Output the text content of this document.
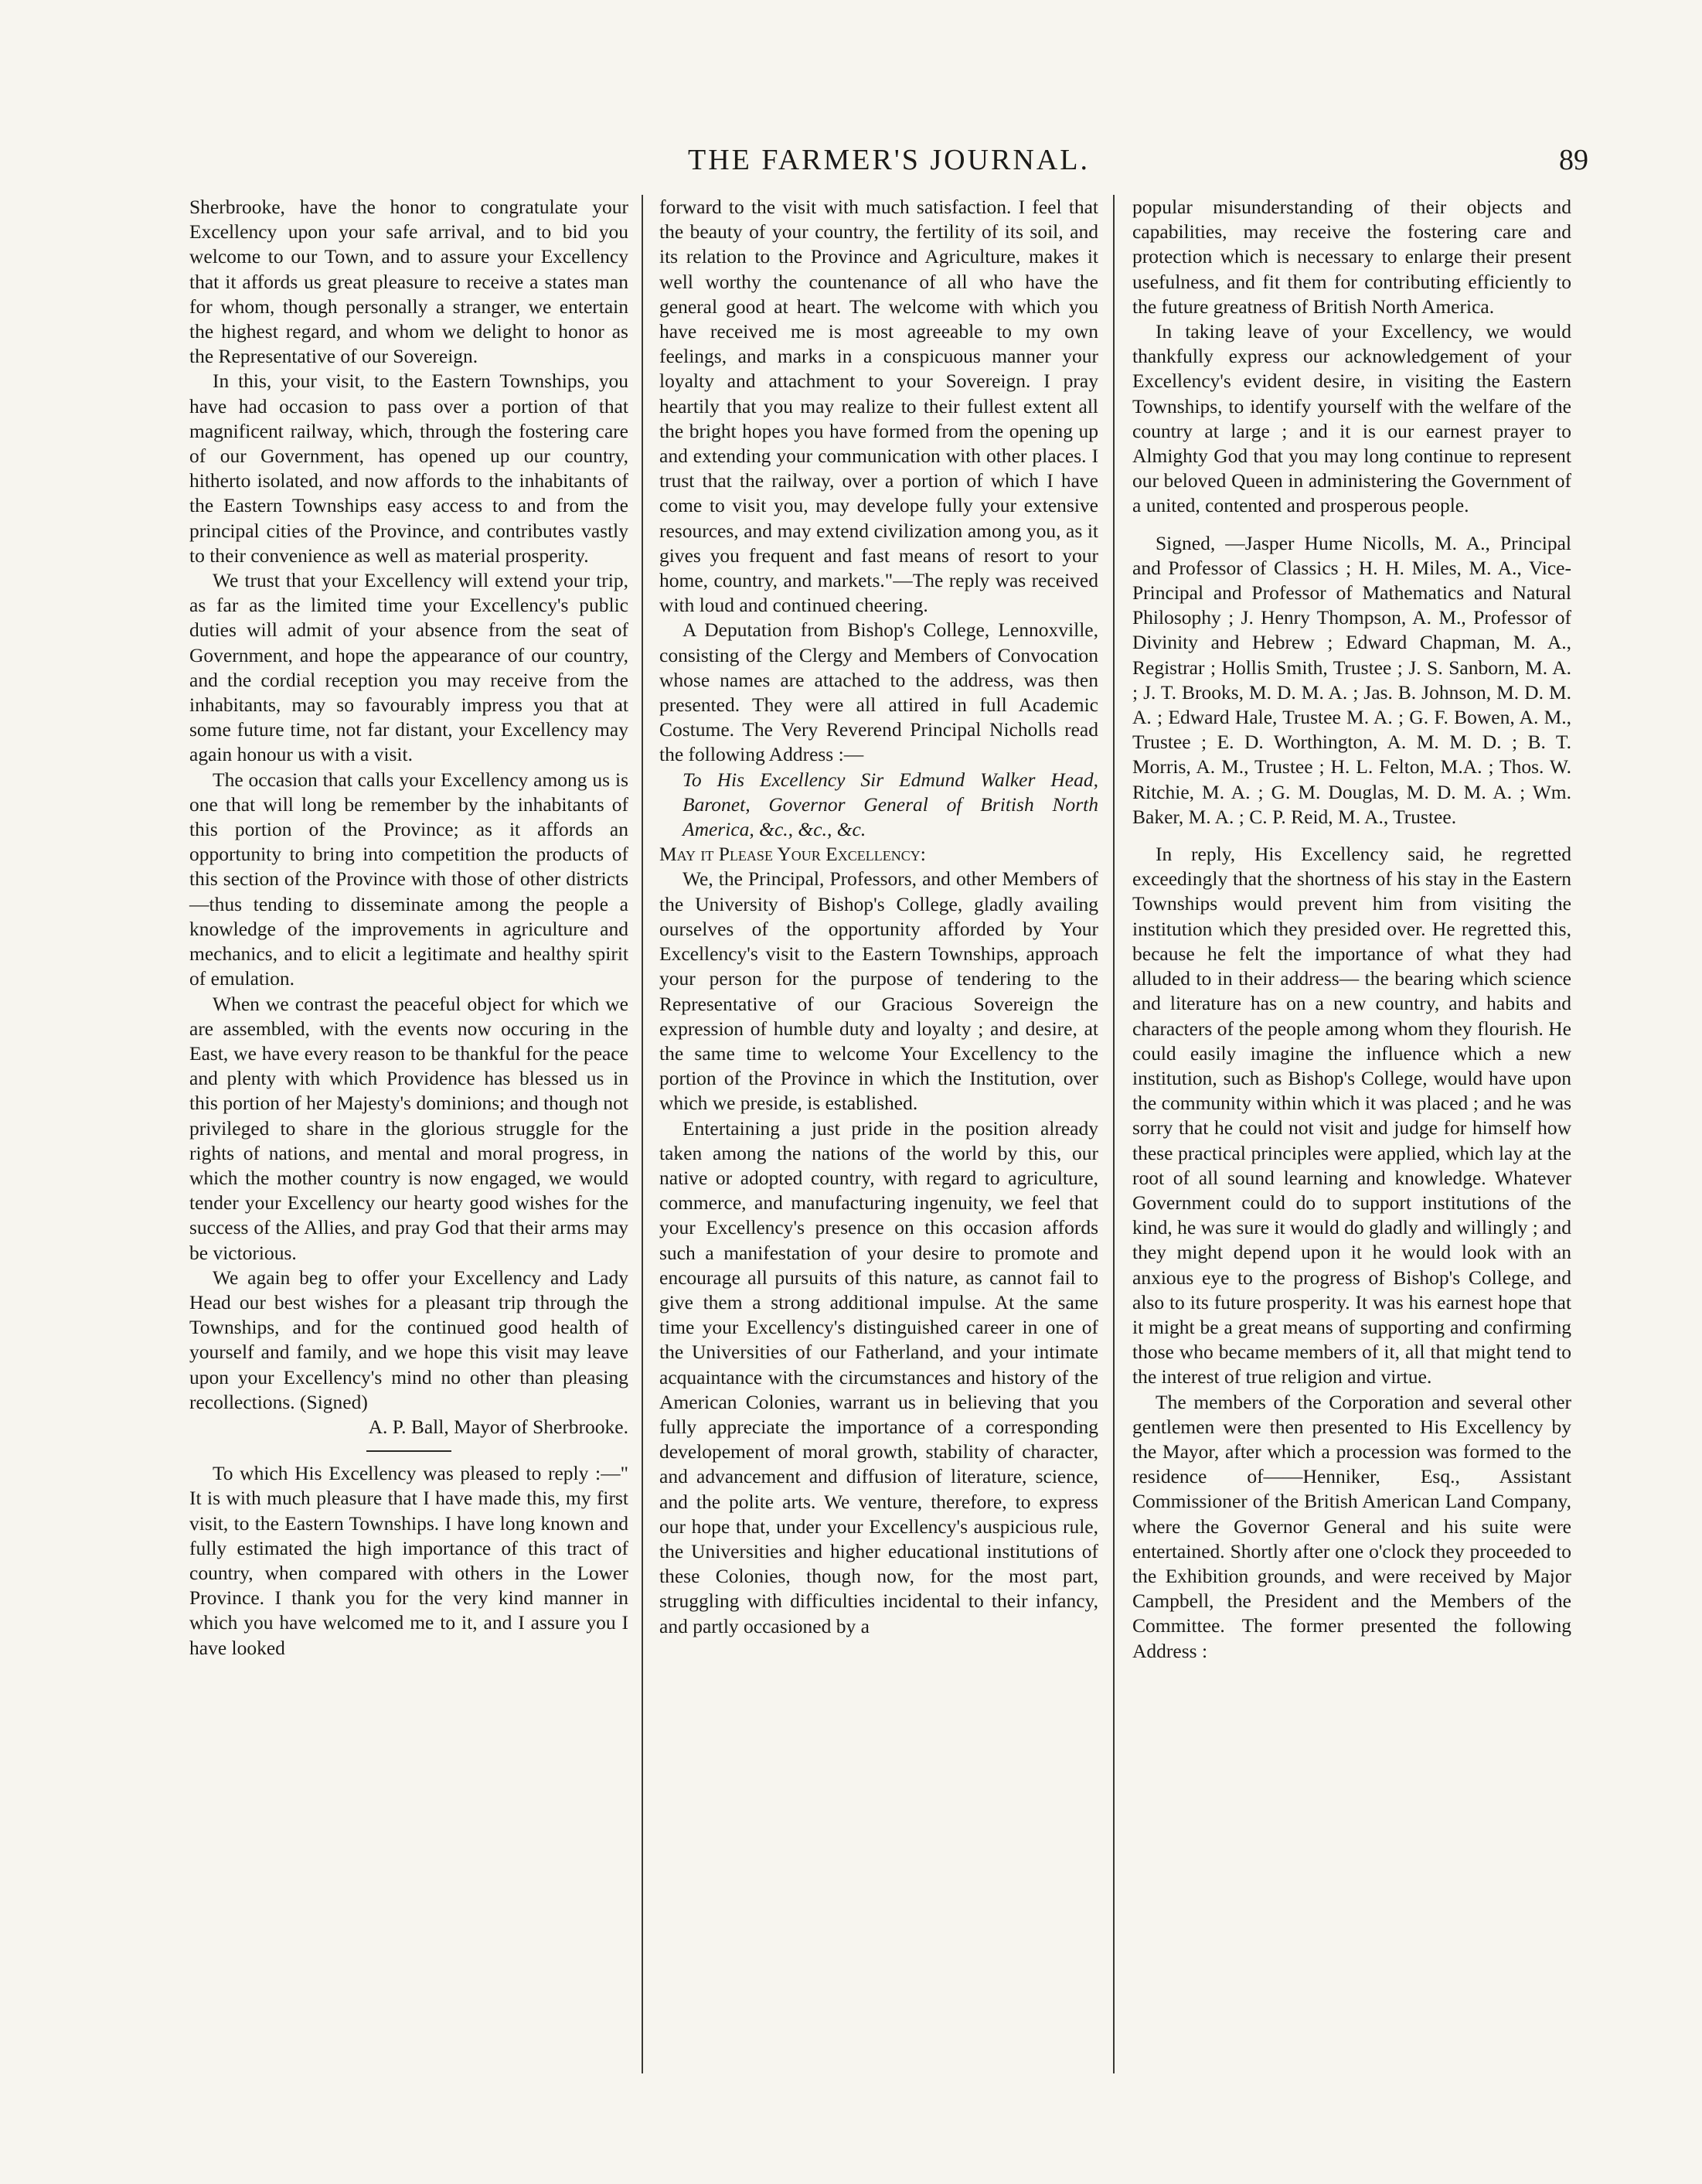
THE FARMER'S JOURNAL.	89

Sherbrooke, have the honor to congratulate your Excellency upon your safe arrival, and to bid you welcome to our Town, and to assure your Excellency that it affords us great pleasure to receive a states man for whom, though personally a stranger, we entertain the highest regard, and whom we delight to honor as the Representative of our Sovereign.

In this, your visit, to the Eastern Townships, you have had occasion to pass over a portion of that magnificent railway, which, through the fostering care of our Government, has opened up our country, hitherto isolated, and now affords to the inhabitants of the Eastern Townships easy access to and from the principal cities of the Province, and contributes vastly to their convenience as well as material prosperity.

We trust that your Excellency will extend your trip, as far as the limited time your Excellency's public duties will admit of your absence from the seat of Government, and hope the appearance of our country, and the cordial reception you may receive from the inhabitants, may so favourably impress you that at some future time, not far distant, your Excellency may again honour us with a visit.

The occasion that calls your Excellency among us is one that will long be remember by the inhabitants of this portion of the Province; as it affords an opportunity to bring into competition the products of this section of the Province with those of other districts—thus tending to disseminate among the people a knowledge of the improvements in agriculture and mechanics, and to elicit a legitimate and healthy spirit of emulation.

When we contrast the peaceful object for which we are assembled, with the events now occuring in the East, we have every reason to be thankful for the peace and plenty with which Providence has blessed us in this portion of her Majesty's dominions; and though not privileged to share in the glorious struggle for the rights of nations, and mental and moral progress, in which the mother country is now engaged, we would tender your Excellency our hearty good wishes for the success of the Allies, and pray God that their arms may be victorious.

We again beg to offer your Excellency and Lady Head our best wishes for a pleasant trip through the Townships, and for the continued good health of yourself and family, and we hope this visit may leave upon your Excellency's mind no other than pleasing recollections. (Signed)

A. P. Ball, Mayor of Sherbrooke.

To which His Excellency was pleased to reply :—" It is with much pleasure that I have made this, my first visit, to the Eastern Townships. I have long known and fully estimated the high importance of this tract of country, when compared with others in the Lower Province. I thank you for the very kind manner in which you have welcomed me to it, and I assure you I have looked

forward to the visit with much satisfaction. I feel that the beauty of your country, the fertility of its soil, and its relation to the Province and Agriculture, makes it well worthy the countenance of all who have the general good at heart. The welcome with which you have received me is most agreeable to my own feelings, and marks in a conspicuous manner your loyalty and attachment to your Sovereign. I pray heartily that you may realize to their fullest extent all the bright hopes you have formed from the opening up and extending your communication with other places. I trust that the railway, over a portion of which I have come to visit you, may develope fully your extensive resources, and may extend civilization among you, as it gives you frequent and fast means of resort to your home, country, and markets."—The reply was received with loud and continued cheering.

A Deputation from Bishop's College, Lennoxville, consisting of the Clergy and Members of Convocation whose names are attached to the address, was then presented. They were all attired in full Academic Costume. The Very Reverend Principal Nicholls read the following Address :—

To His Excellency Sir Edmund Walker Head, Baronet, Governor General of British North America, &c., &c., &c.

May it Please Your Excellency:

We, the Principal, Professors, and other Members of the University of Bishop's College, gladly availing ourselves of the opportunity afforded by Your Excellency's visit to the Eastern Townships, approach your person for the purpose of tendering to the Representative of our Gracious Sovereign the expression of humble duty and loyalty ; and desire, at the same time to welcome Your Excellency to the portion of the Province in which the Institution, over which we preside, is established.

Entertaining a just pride in the position already taken among the nations of the world by this, our native or adopted country, with regard to agriculture, commerce, and manufacturing ingenuity, we feel that your Excellency's presence on this occasion affords such a manifestation of your desire to promote and encourage all pursuits of this nature, as cannot fail to give them a strong additional impulse. At the same time your Excellency's distinguished career in one of the Universities of our Fatherland, and your intimate acquaintance with the circumstances and history of the American Colonies, warrant us in believing that you fully appreciate the importance of a corresponding developement of moral growth, stability of character, and advancement and diffusion of literature, science, and the polite arts. We venture, therefore, to express our hope that, under your Excellency's auspicious rule, the Universities and higher educational institutions of these Colonies, though now, for the most part, struggling with difficulties incidental to their infancy, and partly occasioned by a

popular misunderstanding of their objects and capabilities, may receive the fostering care and protection which is necessary to enlarge their present usefulness, and fit them for contributing efficiently to the future greatness of British North America.

In taking leave of your Excellency, we would thankfully express our acknowledgement of your Excellency's evident desire, in visiting the Eastern Townships, to identify yourself with the welfare of the country at large ; and it is our earnest prayer to Almighty God that you may long continue to represent our beloved Queen in administering the Government of a united, contented and prosperous people.

Signed, —Jasper Hume Nicolls, M. A., Principal and Professor of Classics ; H. H. Miles, M. A., Vice-Principal and Professor of Mathematics and Natural Philosophy ; J. Henry Thompson, A. M., Professor of Divinity and Hebrew ; Edward Chapman, M. A., Registrar ; Hollis Smith, Trustee ; J. S. Sanborn, M. A. ; J. T. Brooks, M. D. M. A. ; Jas. B. Johnson, M. D. M. A. ; Edward Hale, Trustee M. A. ; G. F. Bowen, A. M., Trustee ; E. D. Worthington, A. M. M. D. ; B. T. Morris, A. M., Trustee ; H. L. Felton, M.A. ; Thos. W. Ritchie, M. A. ; G. M. Douglas, M. D. M. A. ; Wm. Baker, M. A. ; C. P. Reid, M. A., Trustee.

In reply, His Excellency said, he regretted exceedingly that the shortness of his stay in the Eastern Townships would prevent him from visiting the institution which they presided over. He regretted this, because he felt the importance of what they had alluded to in their address— the bearing which science and literature has on a new country, and habits and characters of the people among whom they flourish. He could easily imagine the influence which a new institution, such as Bishop's College, would have upon the community within which it was placed ; and he was sorry that he could not visit and judge for himself how these practical principles were applied, which lay at the root of all sound learning and knowledge. Whatever Government could do to support institutions of the kind, he was sure it would do gladly and willingly ; and they might depend upon it he would look with an anxious eye to the progress of Bishop's College, and also to its future prosperity. It was his earnest hope that it might be a great means of supporting and confirming those who became members of it, all that might tend to the interest of true religion and virtue.

The members of the Corporation and several other gentlemen were then presented to His Excellency by the Mayor, after which a procession was formed to the residence of——Henniker, Esq., Assistant Commissioner of the British American Land Company, where the Governor General and his suite were entertained. Shortly after one o'clock they proceeded to the Exhibition grounds, and were received by Major Campbell, the President and the Members of the Committee. The former presented the following Address :
